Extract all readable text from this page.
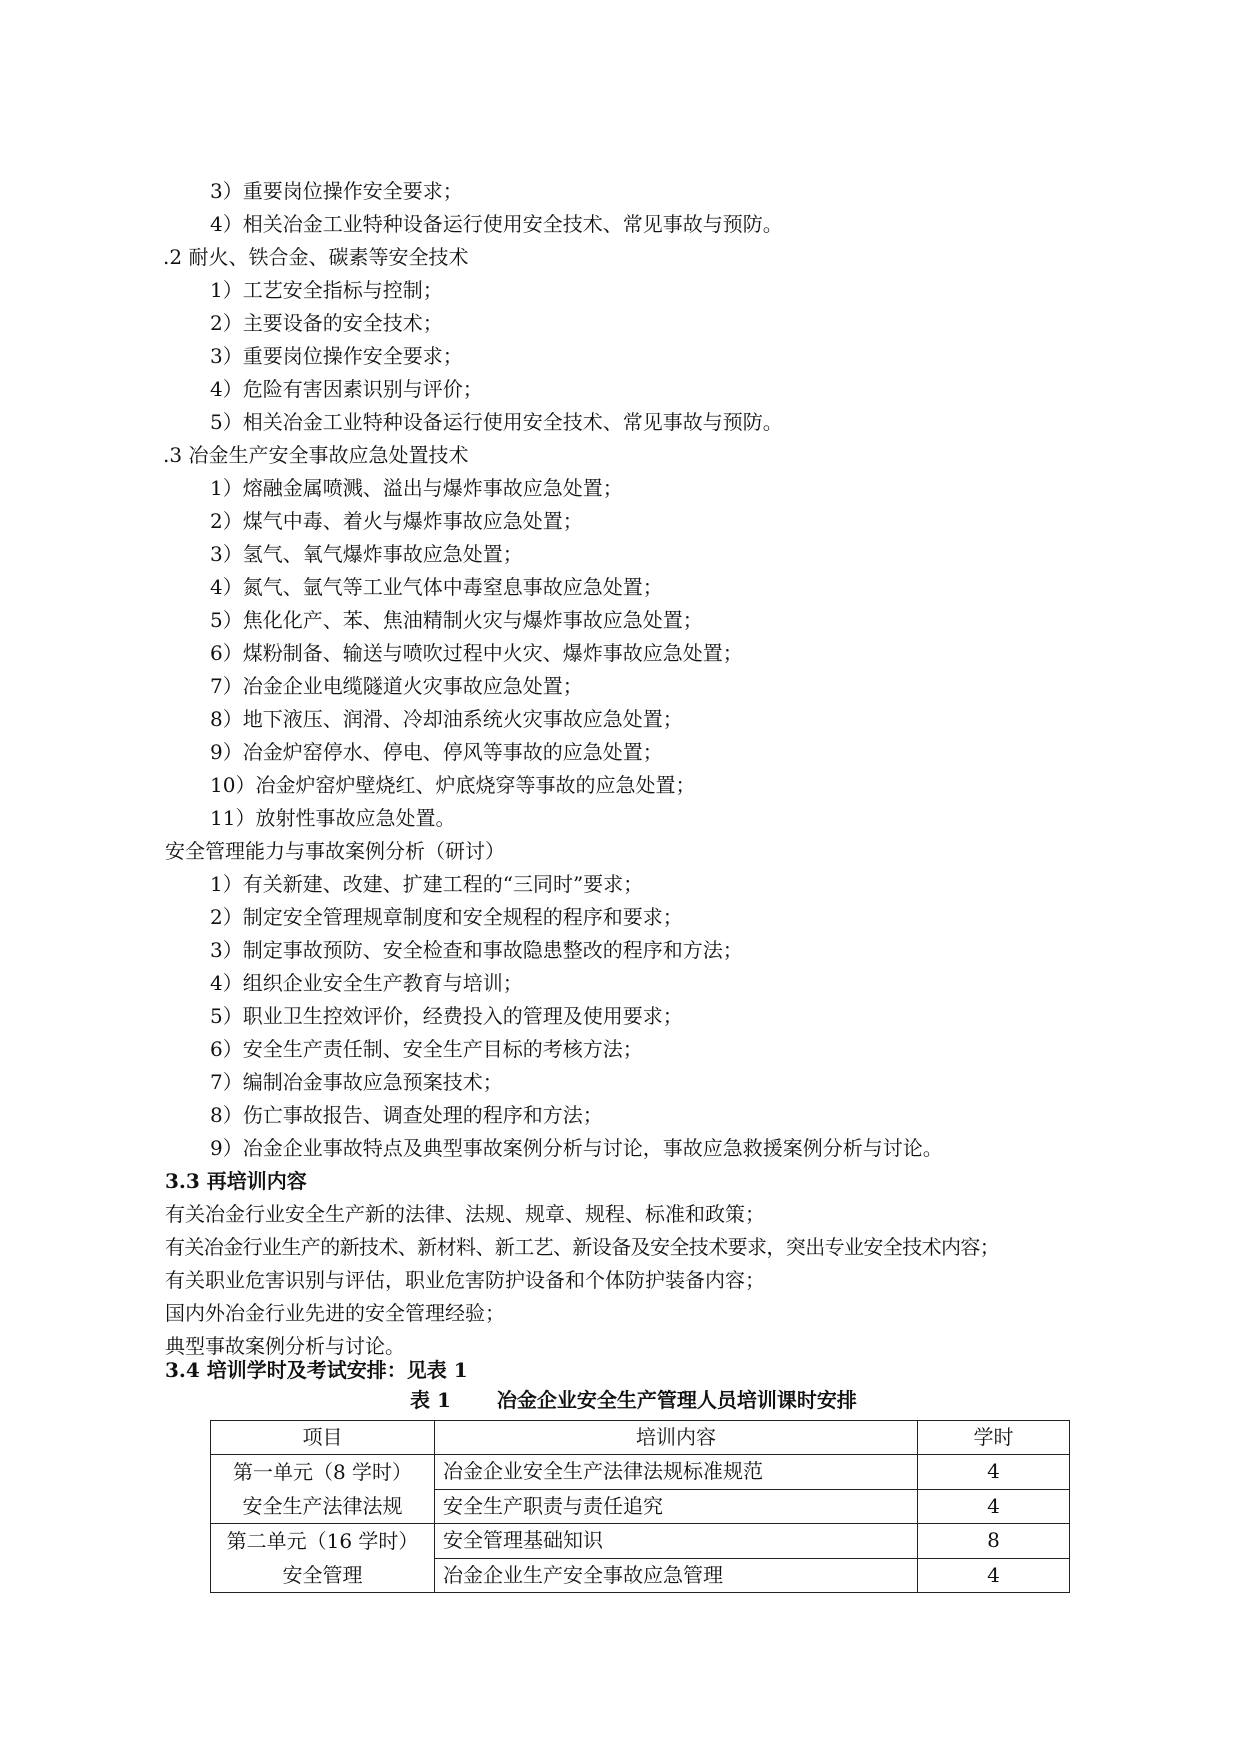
3）重要岗位操作安全要求；
4）相关冶金工业特种设备运行使用安全技术、常见事故与预防。
.2 耐火、铁合金、碳素等安全技术
1）工艺安全指标与控制；
2）主要设备的安全技术；
3）重要岗位操作安全要求；
4）危险有害因素识别与评价；
5）相关冶金工业特种设备运行使用安全技术、常见事故与预防。
.3 冶金生产安全事故应急处置技术
1）熔融金属喷溅、溢出与爆炸事故应急处置；
2）煤气中毒、着火与爆炸事故应急处置；
3）氢气、氧气爆炸事故应急处置；
4）氮气、氩气等工业气体中毒窒息事故应急处置；
5）焦化化产、苯、焦油精制火灾与爆炸事故应急处置；
6）煤粉制备、输送与喷吹过程中火灾、爆炸事故应急处置；
7）冶金企业电缆隧道火灾事故应急处置；
8）地下液压、润滑、冷却油系统火灾事故应急处置；
9）冶金炉窑停水、停电、停风等事故的应急处置；
10）冶金炉窑炉壁烧红、炉底烧穿等事故的应急处置；
11）放射性事故应急处置。
安全管理能力与事故案例分析（研讨）
1）有关新建、改建、扩建工程的“三同时”要求；
2）制定安全管理规章制度和安全规程的程序和要求；
3）制定事故预防、安全检查和事故隐患整改的程序和方法；
4）组织企业安全生产教育与培训；
5）职业卫生控效评价，经费投入的管理及使用要求；
6）安全生产责任制、安全生产目标的考核方法；
7）编制冶金事故应急预案技术；
8）伤亡事故报告、调查处理的程序和方法；
9）冶金企业事故特点及典型事故案例分析与讨论，事故应急救援案例分析与讨论。
3.3 再培训内容
有关冶金行业安全生产新的法律、法规、规章、规程、标准和政策；
有关冶金行业生产的新技术、新材料、新工艺、新设备及安全技术要求，突出专业安全技术内容；
有关职业危害识别与评估，职业危害防护设备和个体防护装备内容；
国内外冶金行业先进的安全管理经验；
典型事故案例分析与讨论。
3.4 培训学时及考试安排：见表 1
表 1 冶金企业安全生产管理人员培训课时安排
项目	培训内容	学时

第一单元（8 学时）
安全生产法律法规	冶金企业安全生产法律法规标准规范	4
	安全生产职责与责任追究	4

第二单元（16 学时）
安全管理	安全管理基础知识	8
	冶金企业生产安全事故应急管理	4
